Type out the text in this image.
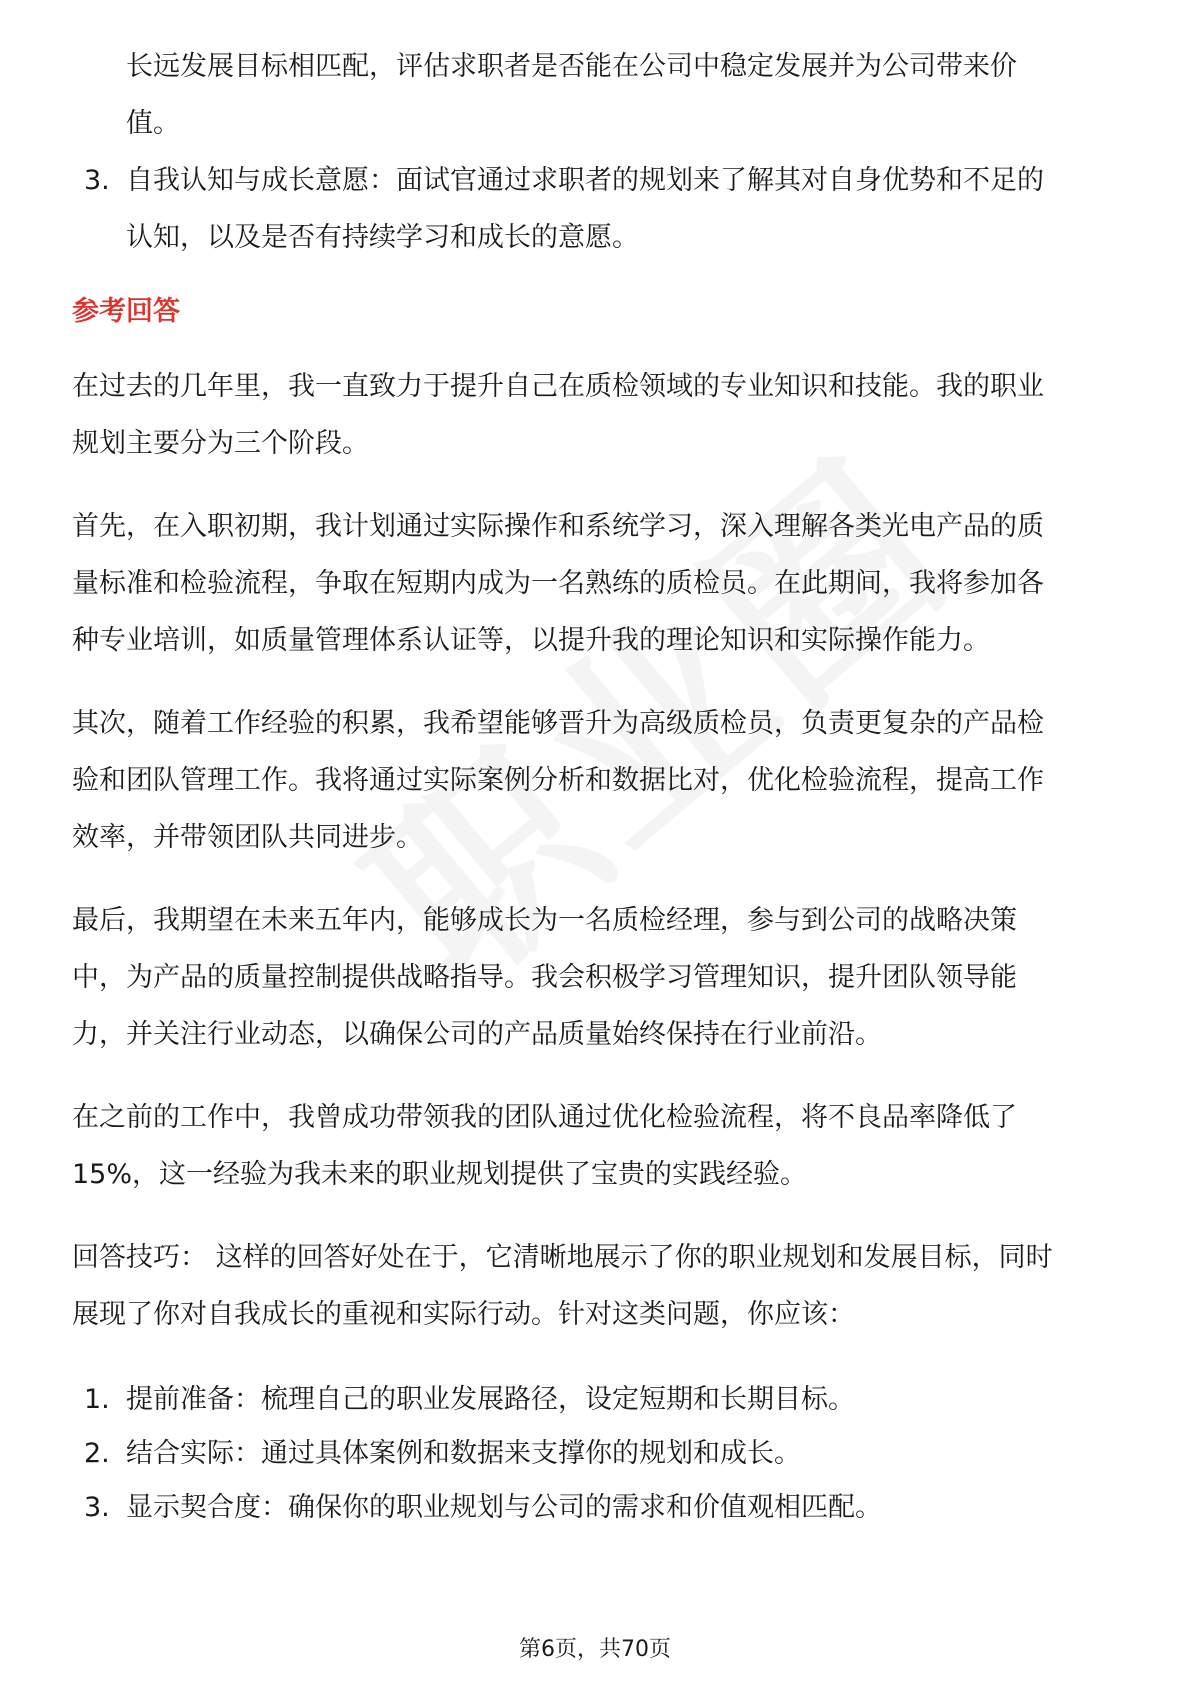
长远发展目标相匹配，评估求职者是否能在公司中稳定发展并为公司带来价

值。

3. 自我认知与成长意愿：面试官通过求职者的规划来了解其对自身优势和不足的
认知，以及是否有持续学习和成长的意愿。
参考回答
在过去的几年里，我一直致力于提升自己在质检领域的专业知识和技能。我的职业
规划主要分为三个阶段。
首先，在入职初期，我计划通过实际操作和系统学习，深入理解各类光电产品的质
量标准和检验流程，争取在短期内成为一名熟练的质检员。在此期间，我将参加各
种专业培训，如质量管理体系认证等，以提升我的理论知识和实际操作能力。
其次，随着工作经验的积累，我希望能够晋升为高级质检员，负责更复杂的产品检
验和团队管理工作。我将通过实际案例分析和数据比对，优化检验流程，提高工作
效率，并带领团队共同进步。
最后，我期望在未来五年内，能够成长为一名质检经理，参与到公司的战略决策
中，为产品的质量控制提供战略指导。我会积极学习管理知识，提升团队领导能
力，并关注行业动态，以确保公司的产品质量始终保持在行业前沿。
在之前的工作中，我曾成功带领我的团队通过优化检验流程，将不良品率降低了
15%，这一经验为我未来的职业规划提供了宝贵的实践经验。
回答技巧： 这样的回答好处在于，它清晰地展示了你的职业规划和发展目标，同时
展现了你对自我成长的重视和实际行动。针对这类问题，你应该：
1. 提前准备：梳理自己的职业发展路径，设定短期和长期目标。
2. 结合实际：通过具体案例和数据来支撑你的规划和成长。
3. 显示契合度：确保你的职业规划与公司的需求和价值观相匹配。
第6页，共70页
